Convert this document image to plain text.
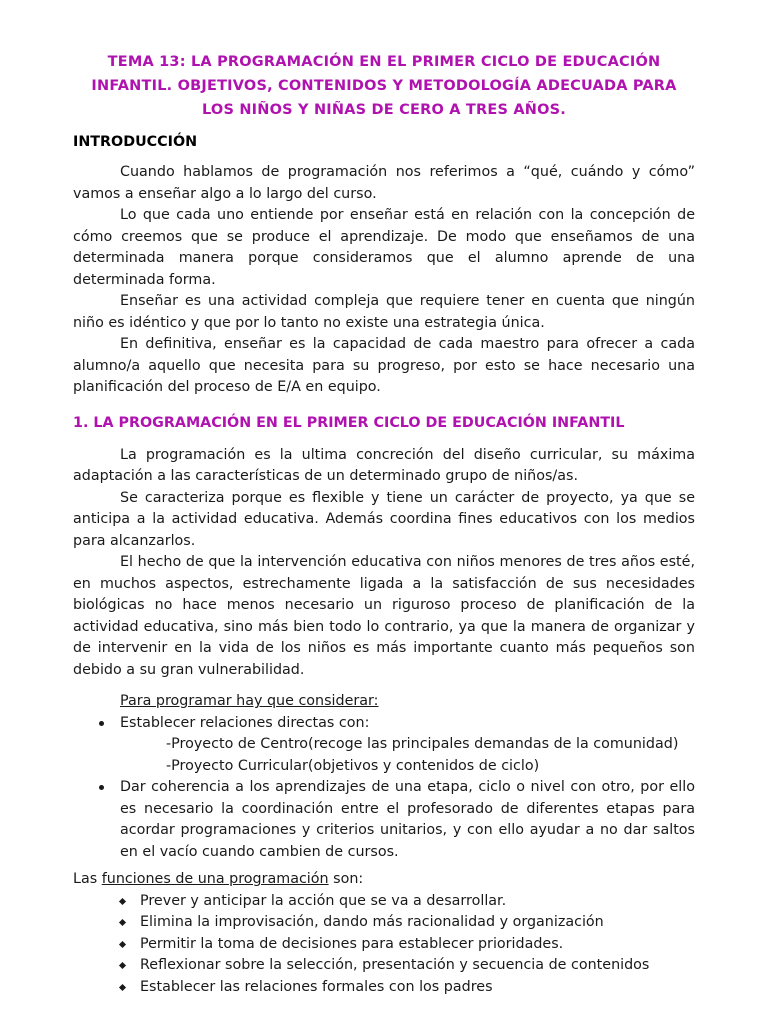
TEMA 13: LA PROGRAMACIÓN EN EL PRIMER CICLO DE EDUCACIÓN
INFANTIL. OBJETIVOS, CONTENIDOS Y METODOLOGÍA ADECUADA PARA
LOS NIÑOS Y NIÑAS DE CERO A TRES AÑOS.
INTRODUCCIÓN

Cuando hablamos de programación nos referimos a “qué, cuándo y cómo” vamos a enseñar algo a lo largo del curso.

Lo que cada uno entiende por enseñar está en relación con la concepción de cómo creemos que se produce el aprendizaje. De modo que enseñamos de una determinada manera porque consideramos que el alumno aprende de una determinada forma.

Enseñar es una actividad compleja que requiere tener en cuenta que ningún niño es idéntico y que por lo tanto no existe una estrategia única.

En definitiva, enseñar es la capacidad de cada maestro para ofrecer a cada alumno/a aquello que necesita para su progreso, por esto se hace necesario una planificación del proceso de E/A en equipo.

1. LA PROGRAMACIÓN EN EL PRIMER CICLO DE EDUCACIÓN INFANTIL

La programación es la ultima concreción del diseño curricular, su máxima adaptación a las características de un determinado grupo de niños/as.

Se caracteriza porque es flexible y tiene un carácter de proyecto, ya que se anticipa a la actividad educativa. Además coordina fines educativos con los medios para alcanzarlos.

El hecho de que la intervención educativa con niños menores de tres años esté, en muchos aspectos, estrechamente ligada a la satisfacción de sus necesidades biológicas no hace menos necesario un riguroso proceso de planificación de la actividad educativa, sino más bien todo lo contrario, ya que la manera de organizar y de intervenir en la vida de los niños es más importante cuanto más pequeños son debido a su gran vulnerabilidad.

Para programar hay que considerar:
Establecer relaciones directas con:
-Proyecto de Centro(recoge las principales demandas de la comunidad)
-Proyecto Curricular(objetivos y contenidos de ciclo)
Dar coherencia a los aprendizajes de una etapa, ciclo o nivel con otro, por ello es necesario la coordinación entre el profesorado de diferentes etapas para acordar programaciones y criterios unitarios, y con ello ayudar a no dar saltos en el vacío cuando cambien de cursos.
Las funciones de una programación son:
Prever y anticipar la acción que se va a desarrollar.
Elimina la improvisación, dando más racionalidad y organización
Permitir la toma de decisiones para establecer prioridades.
Reflexionar sobre la selección, presentación y secuencia de contenidos
Establecer las relaciones formales con los padres
